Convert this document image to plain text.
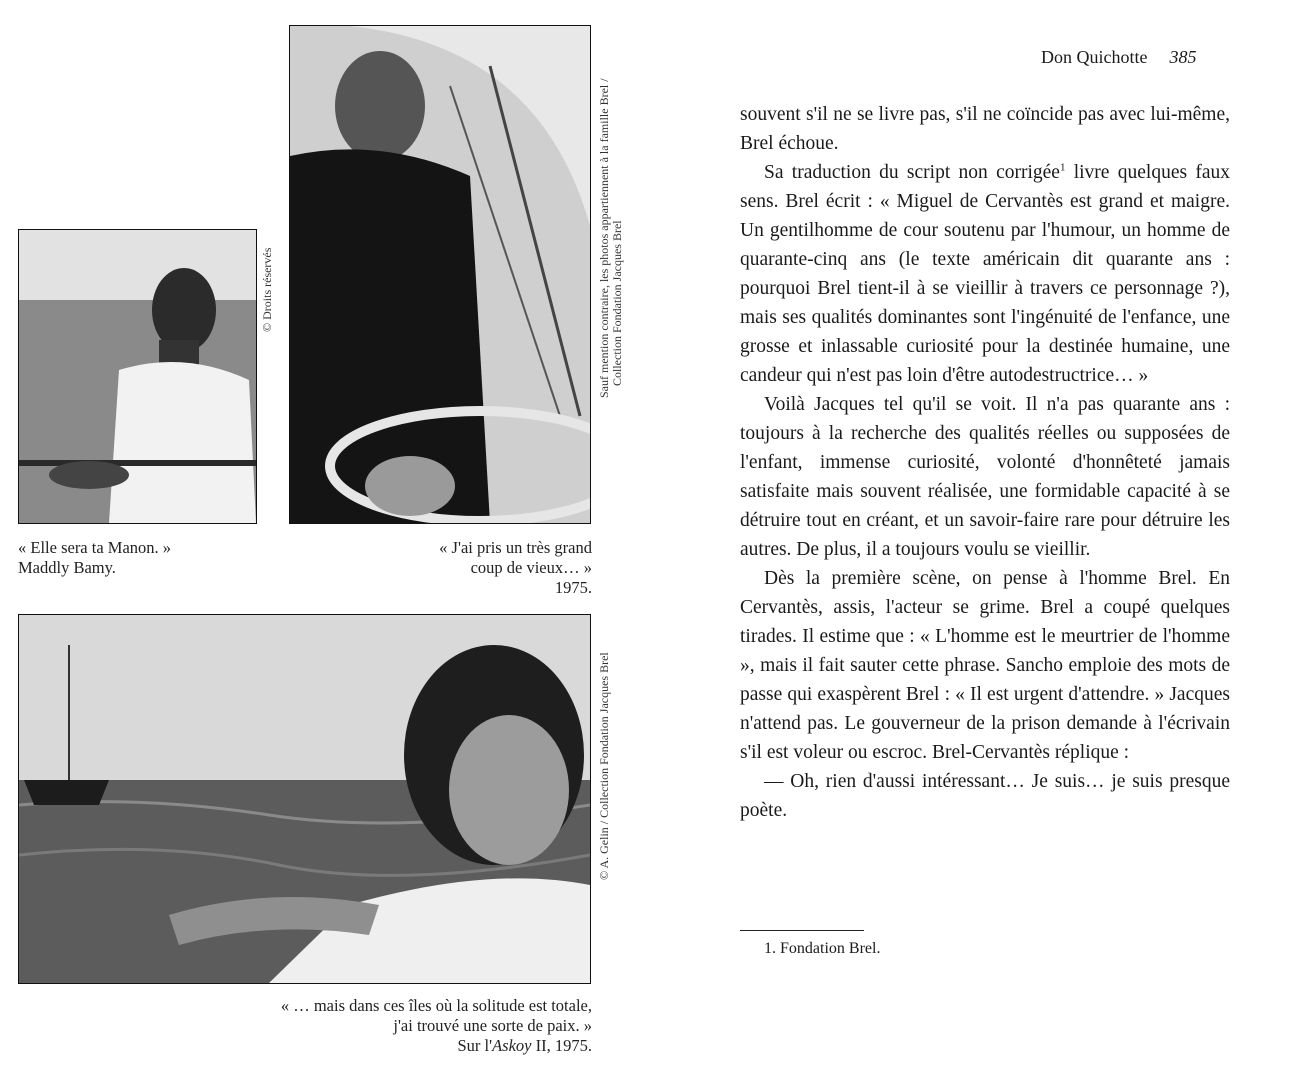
© Droits réservés	Sauf mention contraire, les photos appartiennent à la famille Brel / Collection Fondation Jacques Brel
« Elle sera ta Manon. »
Maddly Bamy.
« J'ai pris un très grand
coup de vieux… »
1975.
© A. Gelin / Collection Fondation Jacques Brel
« … mais dans ces îles où la solitude est totale,
j'ai trouvé une sorte de paix. »
Sur l'Askoy II, 1975.
Don Quichotte 385

souvent s'il ne se livre pas, s'il ne coïncide pas avec lui-même, Brel échoue.

Sa traduction du script non corrigée$^1$ livre quelques faux sens. Brel écrit : « Miguel de Cervantès est grand et maigre. Un gentilhomme de cour soutenu par l'humour, un homme de quarante-cinq ans (le texte américain dit quarante ans : pourquoi Brel tient-il à se vieillir à travers ce personnage ?), mais ses qualités dominantes sont l'ingénuité de l'enfance, une grosse et inlassable curiosité pour la destinée humaine, une candeur qui n'est pas loin d'être autodestructrice… »

Voilà Jacques tel qu'il se voit. Il n'a pas quarante ans : toujours à la recherche des qualités réelles ou supposées de l'enfant, immense curiosité, volonté d'honnêteté jamais satisfaite mais souvent réalisée, une formidable capacité à se détruire tout en créant, et un savoir-faire rare pour détruire les autres. De plus, il a toujours voulu se vieillir.

Dès la première scène, on pense à l'homme Brel. En Cervantès, assis, l'acteur se grime. Brel a coupé quelques tirades. Il estime que : « L'homme est le meurtrier de l'homme », mais il fait sauter cette phrase. Sancho emploie des mots de passe qui exaspèrent Brel : « Il est urgent d'attendre. » Jacques n'attend pas. Le gouverneur de la prison demande à l'écrivain s'il est voleur ou escroc. Brel-Cervantès réplique :

— Oh, rien d'aussi intéressant… Je suis… je suis presque poète.

1. Fondation Brel.
